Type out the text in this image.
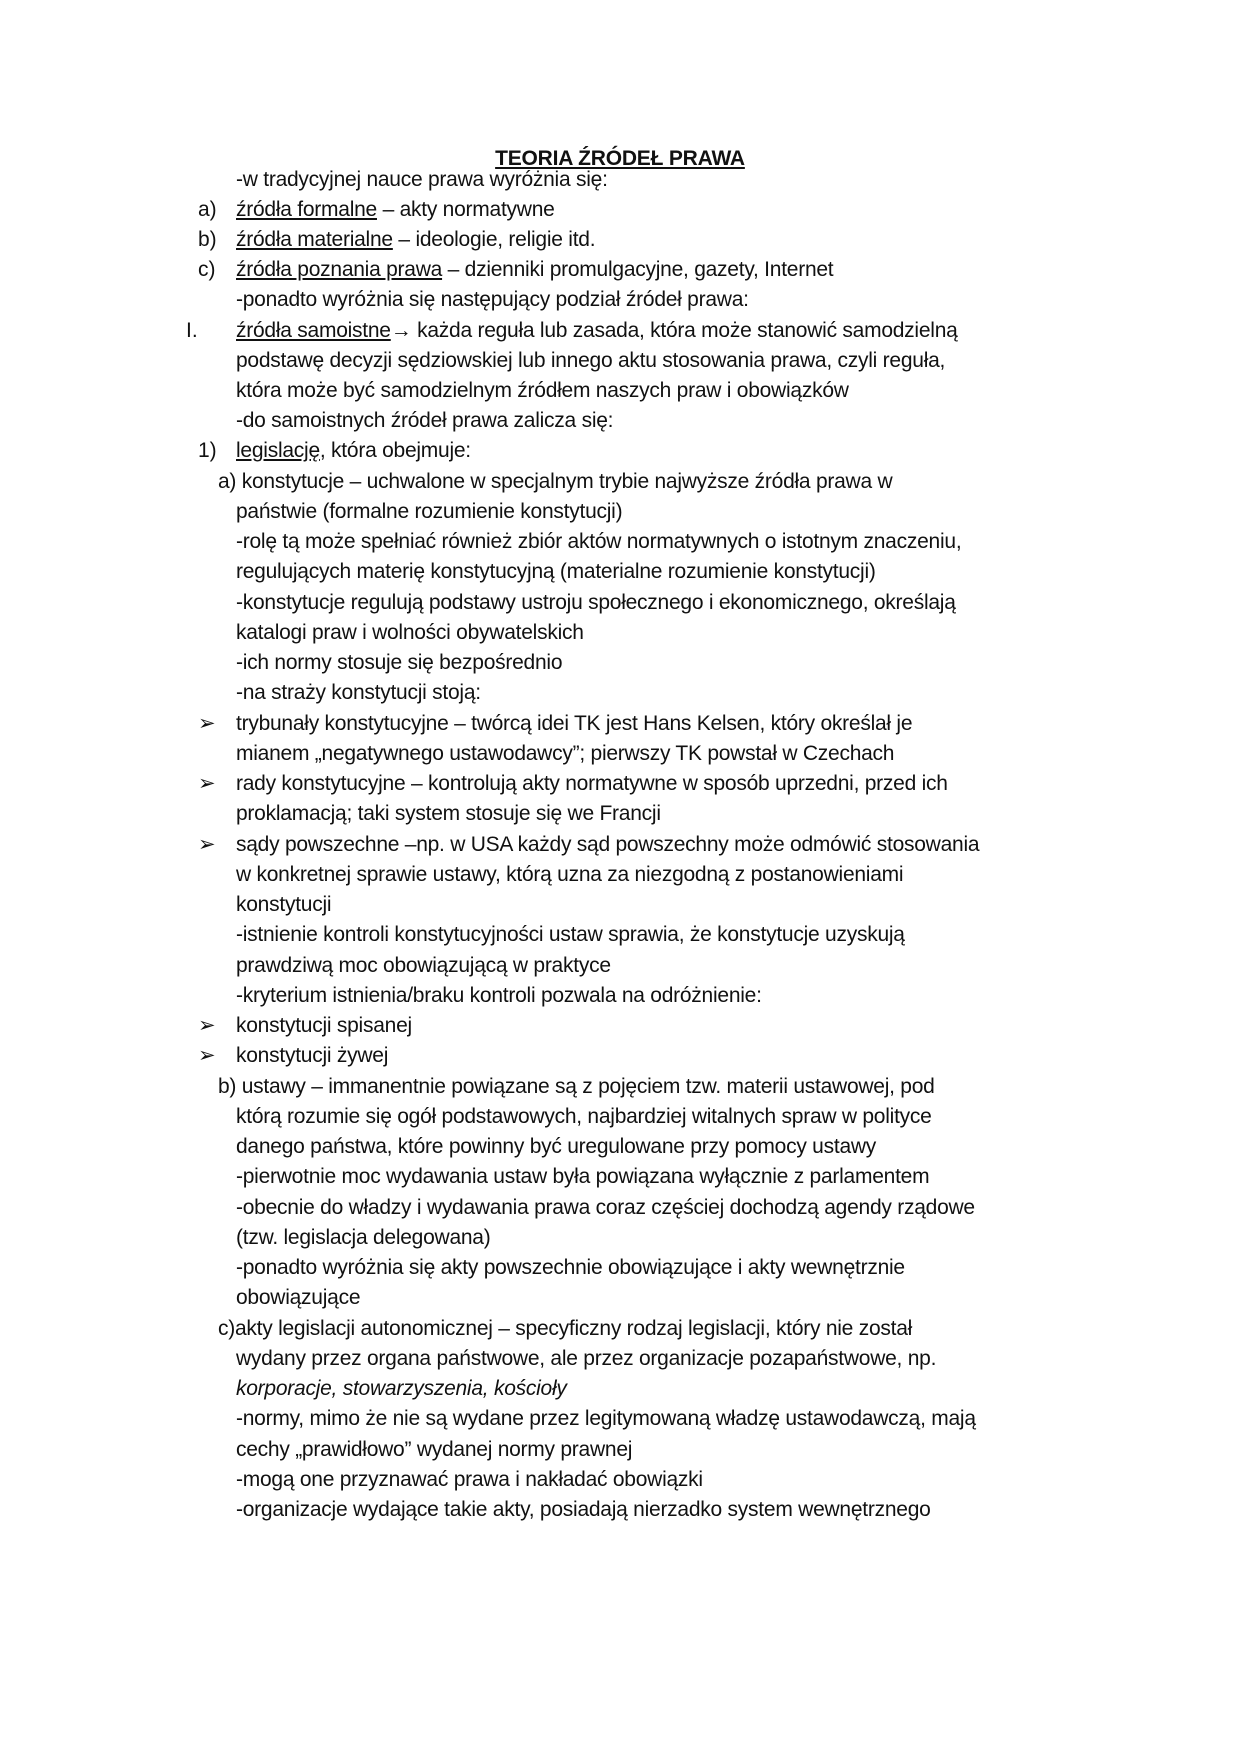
TEORIA ŹRÓDEŁ PRAWA
-w tradycyjnej nauce prawa wyróżnia się:
a) źródła formalne – akty normatywne
b) źródła materialne – ideologie, religie itd.
c) źródła poznania prawa – dzienniki promulgacyjne, gazety, Internet
-ponadto wyróżnia się następujący podział źródeł prawa:
I. źródła samoistne→ każda reguła lub zasada, która może stanowić samodzielną
podstawę decyzji sędziowskiej lub innego aktu stosowania prawa, czyli reguła,
która może być samodzielnym źródłem naszych praw i obowiązków
-do samoistnych źródeł prawa zalicza się:
1) legislację, która obejmuje:
a) konstytucje – uchwalone w specjalnym trybie najwyższe źródła prawa w
państwie (formalne rozumienie konstytucji)
-rolę tą może spełniać również zbiór aktów normatywnych o istotnym znaczeniu,
regulujących materię konstytucyjną (materialne rozumienie konstytucji)
-konstytucje regulują podstawy ustroju społecznego i ekonomicznego, określają
katalogi praw i wolności obywatelskich
-ich normy stosuje się bezpośrednio
-na straży konstytucji stoją:
➢ trybunały konstytucyjne – twórcą idei TK jest Hans Kelsen, który określał je
mianem „negatywnego ustawodawcy”; pierwszy TK powstał w Czechach
➢ rady konstytucyjne – kontrolują akty normatywne w sposób uprzedni, przed ich
proklamacją; taki system stosuje się we Francji
➢ sądy powszechne –np. w USA każdy sąd powszechny może odmówić stosowania
w konkretnej sprawie ustawy, którą uzna za niezgodną z postanowieniami
konstytucji
-istnienie kontroli konstytucyjności ustaw sprawia, że konstytucje uzyskują
prawdziwą moc obowiązującą w praktyce
-kryterium istnienia/braku kontroli pozwala na odróżnienie:
➢ konstytucji spisanej
➢ konstytucji żywej
b) ustawy – immanentnie powiązane są z pojęciem tzw. materii ustawowej, pod
którą rozumie się ogół podstawowych, najbardziej witalnych spraw w polityce
danego państwa, które powinny być uregulowane przy pomocy ustawy
-pierwotnie moc wydawania ustaw była powiązana wyłącznie z parlamentem
-obecnie do władzy i wydawania prawa coraz częściej dochodzą agendy rządowe
(tzw. legislacja delegowana)
-ponadto wyróżnia się akty powszechnie obowiązujące i akty wewnętrznie
obowiązujące
c)akty legislacji autonomicznej – specyficzny rodzaj legislacji, który nie został
wydany przez organa państwowe, ale przez organizacje pozapaństwowe, np.
korporacje, stowarzyszenia, kościoły
-normy, mimo że nie są wydane przez legitymowaną władzę ustawodawczą, mają
cechy „prawidłowo” wydanej normy prawnej
-mogą one przyznawać prawa i nakładać obowiązki
-organizacje wydające takie akty, posiadają nierzadko system wewnętrznego
